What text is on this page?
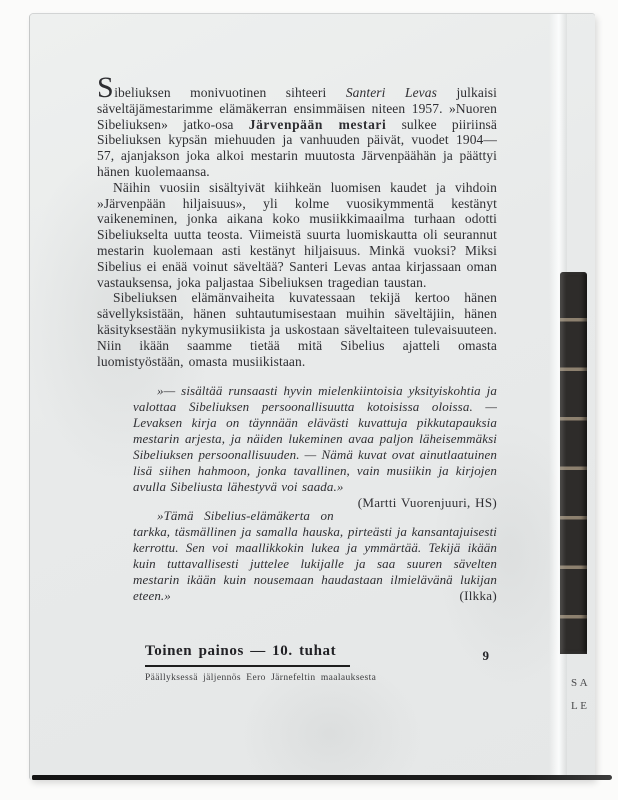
Sibeliuksen monivuotinen sihteeri Santeri Levas julkaisi säveltäjämestarimme elämäkerran ensimmäisen niteen 1957. »Nuoren Sibeliuksen» jatko-osa Järvenpään mestari sulkee piiriinsä Sibeliuksen kypsän miehuuden ja vanhuuden päivät, vuodet 1904—57, ajanjakson joka alkoi mestarin muutosta Järvenpäähän ja päättyi hänen kuolemaansa.

Näihin vuosiin sisältyivät kiihkeän luomisen kaudet ja vihdoin »Järvenpään hiljaisuus», yli kolme vuosikymmentä kestänyt vaikeneminen, jonka aikana koko musiikkimaailma turhaan odotti Sibeliukselta uutta teosta. Viimeistä suurta luomiskautta oli seurannut mestarin kuolemaan asti kestänyt hiljaisuus. Minkä vuoksi? Miksi Sibelius ei enää voinut säveltää? Santeri Levas antaa kirjassaan oman vastauksensa, joka paljastaa Sibeliuksen tragedian taustan.

Sibeliuksen elämänvaiheita kuvatessaan tekijä kertoo hänen sävellyksistään, hänen suhtautumisestaan muihin säveltäjiin, hänen käsityksestään nykymusiikista ja uskostaan säveltaiteen tulevaisuuteen. Niin ikään saamme tietää mitä Sibelius ajatteli omasta luomistyöstään, omasta musiikistaan.

»— sisältää runsaasti hyvin mielenkiintoisia yksityiskohtia ja valottaa Sibeliuksen persoonallisuutta kotoisissa oloissa. — Levaksen kirja on täynnään elävästi kuvattuja pikkutapauksia mestarin arjesta, ja näiden lukeminen avaa paljon läheisemmäksi Sibeliuksen persoonallisuuden. — Nämä kuvat ovat ainutlaatuinen lisä siihen hahmoon, jonka tavallinen, vain musiikin ja kirjojen avulla Sibeliusta lähestyvä voi saada.»
(Martti Vuorenjuuri, HS)

»Tämä Sibelius-elämäkerta on tarkka, täsmällinen ja samalla hauska, pirteästi ja kansantajuisesti kerrottu. Sen voi maallikkokin lukea ja ymmärtää. Tekijä ikään kuin tuttavallisesti juttelee lukijalle ja saa suuren sävelten mestarin ikään kuin nousemaan haudastaan ilmielävänä lukijan eteen.»	(Ilkka)

Toinen painos — 10. tuhat	9
Päällyksessä jäljennös Eero Järnefeltin maalauksesta	SA
LE
